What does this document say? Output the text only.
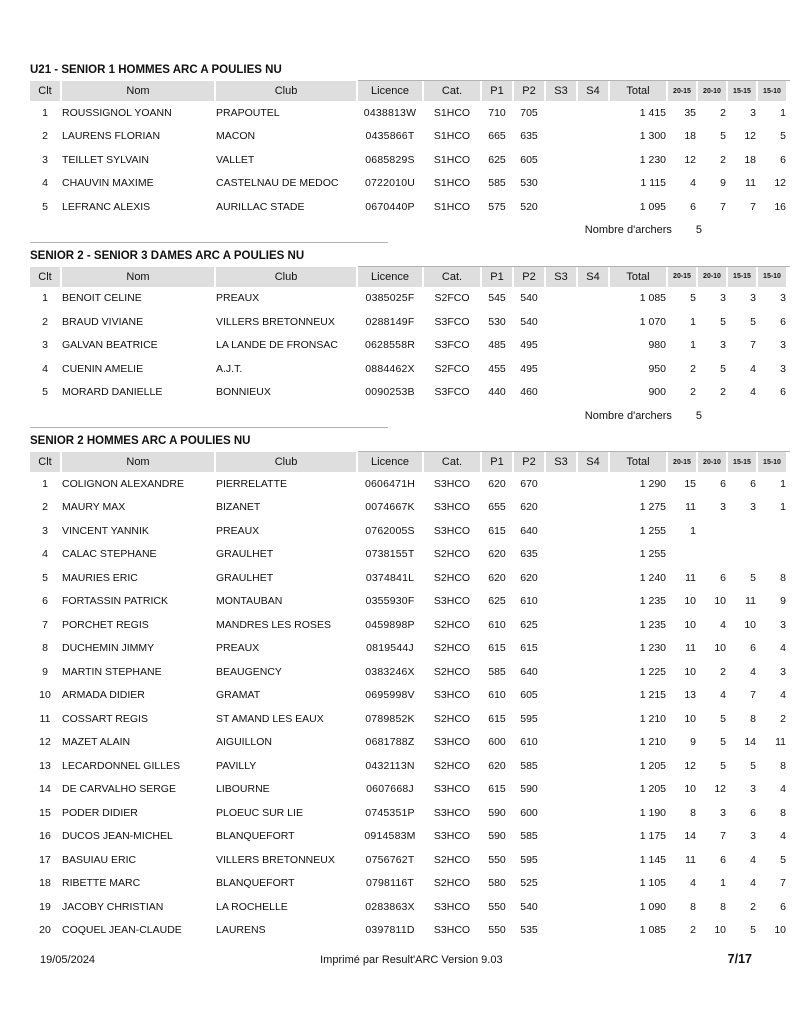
U21 - SENIOR 1 HOMMES ARC A POULIES NU
Clt	Nom	Club	Licence	Cat.	P1	P2	S3	S4	Total	20-15	20-10	15-15	15-10
1	ROUSSIGNOL YOANN	PRAPOUTEL	0438813W	S1HCO	710	705			1 415	35	2	3	1
2	LAURENS FLORIAN	MACON	0435866T	S1HCO	665	635			1 300	18	5	12	5
3	TEILLET SYLVAIN	VALLET	0685829S	S1HCO	625	605			1 230	12	2	18	6
4	CHAUVIN MAXIME	CASTELNAU DE MEDOC	0722010U	S1HCO	585	530			1 115	4	9	11	12
5	LEFRANC ALEXIS	AURILLAC STADE	0670440P	S1HCO	575	520			1 095	6	7	7	16
Nombre d'archers 5
SENIOR 2 - SENIOR 3 DAMES ARC A POULIES NU
Clt	Nom	Club	Licence	Cat.	P1	P2	S3	S4	Total	20-15	20-10	15-15	15-10
1	BENOIT CELINE	PREAUX	0385025F	S2FCO	545	540			1 085	5	3	3	3
2	BRAUD VIVIANE	VILLERS BRETONNEUX	0288149F	S3FCO	530	540			1 070	1	5	5	6
3	GALVAN BEATRICE	LA LANDE DE FRONSAC	0628558R	S3FCO	485	495			980	1	3	7	3
4	CUENIN AMELIE	A.J.T.	0884462X	S2FCO	455	495			950	2	5	4	3
5	MORARD DANIELLE	BONNIEUX	0090253B	S3FCO	440	460			900	2	2	4	6
Nombre d'archers 5
SENIOR 2 HOMMES ARC A POULIES NU
Clt	Nom	Club	Licence	Cat.	P1	P2	S3	S4	Total	20-15	20-10	15-15	15-10
1	COLIGNON ALEXANDRE	PIERRELATTE	0606471H	S3HCO	620	670			1 290	15	6	6	1
2	MAURY MAX	BIZANET	0074667K	S3HCO	655	620			1 275	11	3	3	1
3	VINCENT YANNIK	PREAUX	0762005S	S3HCO	615	640			1 255	1			
4	CALAC STEPHANE	GRAULHET	0738155T	S2HCO	620	635			1 255				
5	MAURIES ERIC	GRAULHET	0374841L	S2HCO	620	620			1 240	11	6	5	8
6	FORTASSIN PATRICK	MONTAUBAN	0355930F	S3HCO	625	610			1 235	10	10	11	9
7	PORCHET REGIS	MANDRES LES ROSES	0459898P	S2HCO	610	625			1 235	10	4	10	3
8	DUCHEMIN JIMMY	PREAUX	0819544J	S2HCO	615	615			1 230	11	10	6	4
9	MARTIN STEPHANE	BEAUGENCY	0383246X	S2HCO	585	640			1 225	10	2	4	3
10	ARMADA DIDIER	GRAMAT	0695998V	S3HCO	610	605			1 215	13	4	7	4
11	COSSART REGIS	ST AMAND LES EAUX	0789852K	S2HCO	615	595			1 210	10	5	8	2
12	MAZET ALAIN	AIGUILLON	0681788Z	S3HCO	600	610			1 210	9	5	14	11
13	LECARDONNEL GILLES	PAVILLY	0432113N	S2HCO	620	585			1 205	12	5	5	8
14	DE CARVALHO SERGE	LIBOURNE	0607668J	S3HCO	615	590			1 205	10	12	3	4
15	PODER DIDIER	PLOEUC SUR LIE	0745351P	S3HCO	590	600			1 190	8	3	6	8
16	DUCOS JEAN-MICHEL	BLANQUEFORT	0914583M	S3HCO	590	585			1 175	14	7	3	4
17	BASUIAU ERIC	VILLERS BRETONNEUX	0756762T	S2HCO	550	595			1 145	11	6	4	5
18	RIBETTE MARC	BLANQUEFORT	0798116T	S2HCO	580	525			1 105	4	1	4	7
19	JACOBY CHRISTIAN	LA ROCHELLE	0283863X	S3HCO	550	540			1 090	8	8	2	6
20	COQUEL JEAN-CLAUDE	LAURENS	0397811D	S3HCO	550	535			1 085	2	10	5	10
19/05/2024	Imprimé par Result'ARC Version 9.03	7/17
